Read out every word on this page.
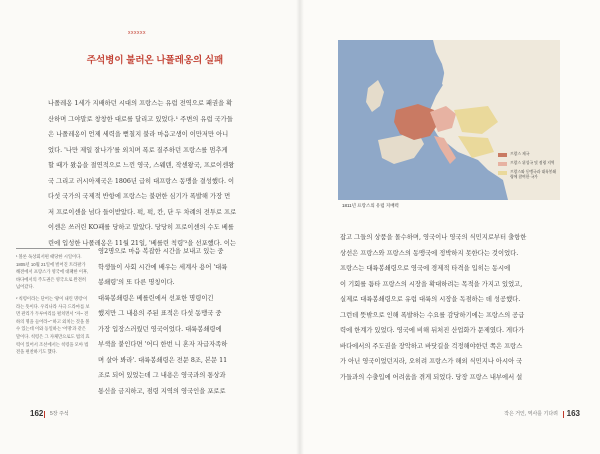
xxxxxx
주석병이 불러온 나폴레옹의 실패

나폴레옹 1세가 지배하던 시대의 프랑스는 유럽 전역으로 패권을 확

산하며 그야말로 창창한 대로를 달리고 있었다.¹ 주변의 유럽 국가들

은 나폴레옹이 언제 세력을 뻗칠지 불라 마음고생이 이만저만 아니

었다. '나만 제일 잘나가'를 외치며 폭로 질주하던 프랑스를 멈추게

할 때가 왔음을 절연적으로 느낀 영국, 스웨덴, 작센왕국, 프로이센왕

국 그리고 러시아제국은 1806년 급히 대프랑스 동맹을 결성했다. 이

다섯 국가의 국제적 반항에 프랑스는 불편한 심기가 폭발해 가장 먼

저 프로이센을 넘다 들이받았다. 퍽, 퍽, 칸, 단 두 차례의 전투로 프로

이센은 쓰러린 KO패를 당하고 말았다. 당당히 프로이센의 수도 베를

린에 입성한 나폴레옹은 11월 21일, '베를린 칙령'²을 선포했다. 이는

영2명으로 마음 복잡한 시간을 보내고 있는 중

학생들이 사회 시간에 배우는 세계사 용어 '대륙

봉쇄령'의 또 다른 명칭이다.

대륙봉쇄령은 베를린에서 선포한 명령이긴

했지만 그 내용의 주된 표적은 다섯 동맹국 중

가장 입장스러웠던 영국이었다. 대륙봉쇄령에

부색을 붙인다면 '어디 한번 니 혼자 자급자족하

며 살아 봐라'. 대륙봉쇄령은 전문 8조, 본문 11

조로 되어 있었는데 그 내용은 영국과의 통상과

통신을 금지하고, 점령 지역의 영국인을 포로로

¹ 볼론 독상회서편 때당한 시일이다. 1805년 10월 21일에 벌어진 트라팔가 해전에서 프랑스가 영국에 대패한 이후, 바다에서의 주도권은 영국으로 완전히 넘어갔다.

² 칙령이라는 단어는 '왕이 내린 명령'이라는 뜻이다. 우리나라 사극 드라마를 보면 관리가 두루마리를 펼치면서 "자~ 전하의 명을 들어라~" 하고 외치는 것을 볼 수 있는데 이와 동일하는 '어명'과 같은 말이다. 칙령은 그 자체만으로도 법의 효력이 있어서 조선에서는 칙령을 모아 법전을 편찬하기도 했다.

162 5장 주석
프랑스 제국
프랑스 위성국 및 점령 지역
프랑스와 동맹국과 대륙봉쇄령에 참여한 국가
1811년 프랑스의 유럽 지배력

잡고 그들의 상품을 몰수하며, 영국이나 영국의 식민지로부터 출항한

상선은 프랑스와 프랑스의 동맹국에 정박하지 못한다는 것이었다.

프랑스는 대륙봉쇄령으로 영국에 경제적 타격을 입히는 동시에

이 기회를 틈타 프랑스의 시장을 확대하려는 목적을 가지고 있었고,

실제로 대륙봉쇄령으로 유럽 대륙의 시장을 독점하는 데 성공했다.

그런데 뜻밖으로 인해 폭발하는 수요를 감당하기에는 프랑스의 공급

력에 한계가 있었다. 영국에 비해 뒤처진 산업화가 문제였다. 게다가

바다에서의 주도권을 장악하고 바닷길을 걱정해야한던 쪽은 프랑스

가 아닌 영국이었던지라, 오히려 프랑스가 해외 식민지나 아시아 국

가들과의 수출입에 어려움을 겪게 되었다. 당장 프랑스 내부에서 설

작은 거인, 역사를 기다려 163
